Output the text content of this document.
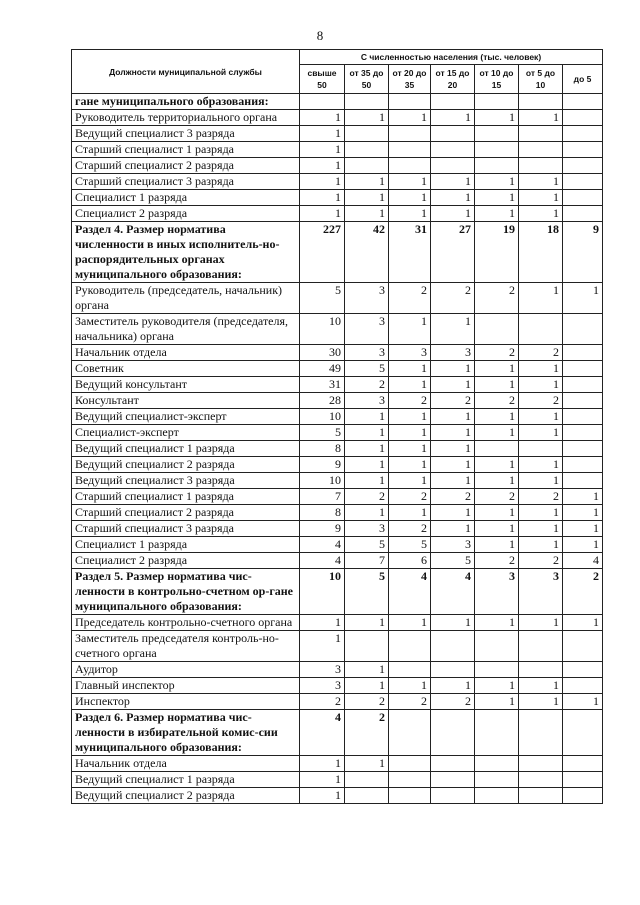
8
Должности муниципальной службы	С численностью населения (тыс. человек)						
	свыше 50	от 35 до 50	от 20 до 35	от 15 до 20	от 10 до 15	от 5 до 10	до 5
гане муниципального образования:							
Руководитель территориального органа	1	1	1	1	1	1	
Ведущий специалист 3 разряда	1						
Старший специалист 1 разряда	1						
Старший специалист 2 разряда	1						
Старший специалист 3 разряда	1	1	1	1	1	1	
Специалист 1 разряда	1	1	1	1	1	1	
Специалист 2 разряда	1	1	1	1	1	1	
Раздел 4. Размер норматива численности в иных исполнитель-но-распорядительных органах муниципального образования:	227	42	31	27	19	18	9
Руководитель (председатель, начальник) органа	5	3	2	2	2	1	1
Заместитель руководителя (председателя, начальника) органа	10	3	1	1			
Начальник отдела	30	3	3	3	2	2	
Советник	49	5	1	1	1	1	
Ведущий консультант	31	2	1	1	1	1	
Консультант	28	3	2	2	2	2	
Ведущий специалист-эксперт	10	1	1	1	1	1	
Специалист-эксперт	5	1	1	1	1	1	
Ведущий специалист 1 разряда	8	1	1	1			
Ведущий специалист 2 разряда	9	1	1	1	1	1	
Ведущий специалист 3 разряда	10	1	1	1	1	1	
Старший специалист 1 разряда	7	2	2	2	2	2	1
Старший специалист 2 разряда	8	1	1	1	1	1	1
Старший специалист 3 разряда	9	3	2	1	1	1	1
Специалист 1 разряда	4	5	5	3	1	1	1
Специалист 2 разряда	4	7	6	5	2	2	4
Раздел 5. Размер норматива чис-ленности в контрольно-счетном ор-гане муниципального образования:	10	5	4	4	3	3	2
Председатель контрольно-счетного органа	1	1	1	1	1	1	1
Заместитель председателя контроль-но-счетного органа	1						
Аудитор	3	1					
Главный инспектор	3	1	1	1	1	1	
Инспектор	2	2	2	2	1	1	1
Раздел 6. Размер норматива чис-ленности в избирательной комис-сии муниципального образования:	4	2					
Начальник отдела	1	1					
Ведущий специалист 1 разряда	1						
Ведущий специалист 2 разряда	1						
